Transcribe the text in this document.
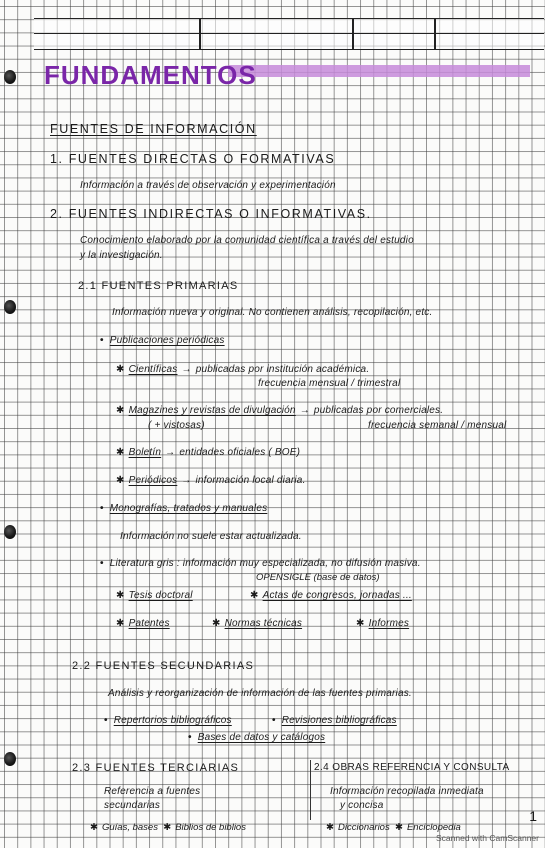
FUNDAMENTOS
FUENTES DE INFORMACIÓN
1. FUENTES DIRECTAS O FORMATIVAS
Información a través de observación y experimentación
2. FUENTES INDIRECTAS O INFORMATIVAS.
Conocimiento elaborado por la comunidad científica a través del estudio
y la investigación.
2.1 FUENTES PRIMARIAS
Información nueva y original. No contienen análisis, recopilación, etc.
• Publicaciones periódicas
✱ Científicas → publicadas por institución académica.
frecuencia mensual / trimestral
✱ Magazines y revistas de divulgación → publicadas por comerciales.
( + vistosas)	frecuencia semanal / mensual
✱ Boletín → entidades oficiales ( BOE)
✱ Periódicos → información local diaria.
• Monografías, tratados y manuales
Información no suele estar actualizada.
• Literatura gris : información muy especializada, no difusión masiva.
OPENSIGLE (base de datos)
✱ Tesis doctoral	✱ Actas de congresos, jornadas ...
✱ Patentes	✱ Normas técnicas	✱ Informes
2.2 FUENTES SECUNDARIAS
Análisis y reorganización de información de las fuentes primarias.
• Repertorios bibliográficos
•	Revisiones bibliográficas
• Bases de datos y catálogos
2.3 FUENTES TERCIARIAS
Referencia a fuentes
secundarias
✱ Guías, bases ✱ Biblios de biblios
2.4 OBRAS REFERENCIA Y CONSULTA
Información recopilada inmediata
y concisa
✱ Diccionarios ✱ Enciclopedia
1
Scanned with CamScanner
